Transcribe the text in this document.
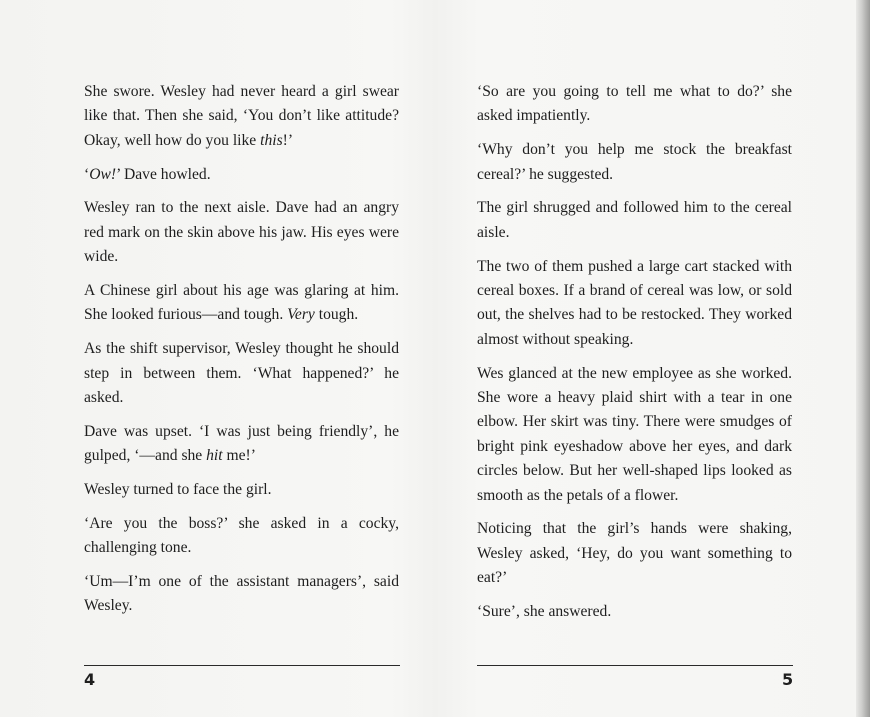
She swore. Wesley had never heard a girl swear like that. Then she said, ‘You don’t like attitude? Okay, well how do you like this!’

‘Ow!’ Dave howled.

Wesley ran to the next aisle. Dave had an angry red mark on the skin above his jaw. His eyes were wide.

A Chinese girl about his age was glaring at him. She looked furious—and tough. Very tough.

As the shift supervisor, Wesley thought he should step in between them. ‘What happened?’ he asked.

Dave was upset. ‘I was just being friendly’, he gulped, ‘—and she hit me!’

Wesley turned to face the girl.

‘Are you the boss?’ she asked in a cocky, challenging tone.

‘Um—I’m one of the assistant managers’, said Wesley.

‘So are you going to tell me what to do?’ she asked impatiently.

‘Why don’t you help me stock the breakfast cereal?’ he suggested.

The girl shrugged and followed him to the cereal aisle.

The two of them pushed a large cart stacked with cereal boxes. If a brand of cereal was low, or sold out, the shelves had to be restocked. They worked almost without speaking.

Wes glanced at the new employee as she worked. She wore a heavy plaid shirt with a tear in one elbow. Her skirt was tiny. There were smudges of bright pink eyeshadow above her eyes, and dark circles below. But her well-shaped lips looked as smooth as the petals of a flower.

Noticing that the girl’s hands were shaking, Wesley asked, ‘Hey, do you want something to eat?’

‘Sure’, she answered.

4	5
